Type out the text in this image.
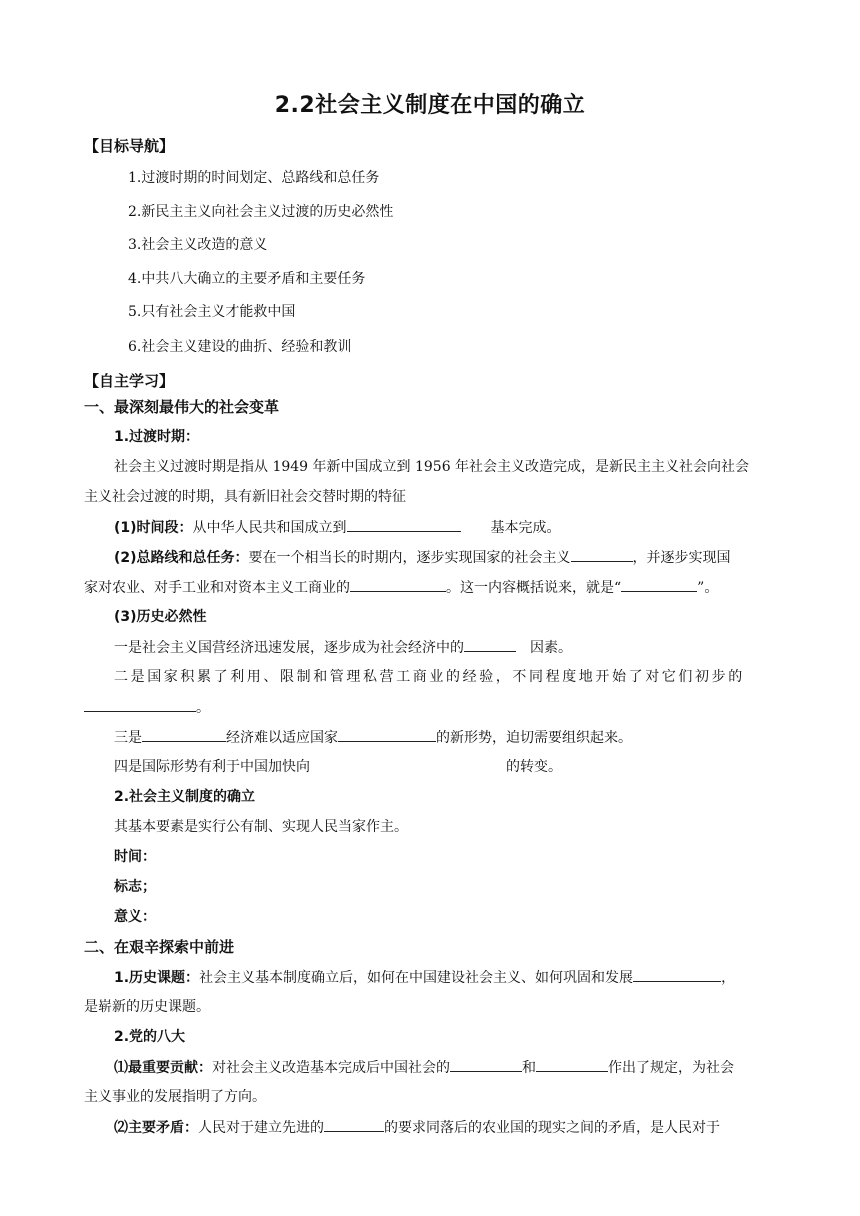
2.2社会主义制度在中国的确立
【目标导航】
1.过渡时期的时间划定、总路线和总任务
2.新民主主义向社会主义过渡的历史必然性
3.社会主义改造的意义
4.中共八大确立的主要矛盾和主要任务
5.只有社会主义才能救中国
6.社会主义建设的曲折、经验和教训
【自主学习】
一、最深刻最伟大的社会变革
1.过渡时期：
社会主义过渡时期是指从 1949 年新中国成立到 1956 年社会主义改造完成，是新民主主义社会向社会
主义社会过渡的时期，具有新旧社会交替时期的特征
(1)时间段：从中华人民共和国成立到	基本完成。
(2)总路线和总任务：要在一个相当长的时期内，逐步实现国家的社会主义	，并逐步实现国
家对农业、对手工业和对资本主义工商业的	。这一内容概括说来，就是“	”。
(3)历史必然性
一是社会主义国营经济迅速发展，逐步成为社会经济中的	因素。
二是国家积累了利用、限制和管理私营工商业的经验，不同程度地开始了对它们初步的
。
三是	经济难以适应国家	的新形势，迫切需要组织起来。
四是国际形势有利于中国加快向	的转变。
2.社会主义制度的确立
其基本要素是实行公有制、实现人民当家作主。
时间：
标志；
意义：
二、在艰辛探索中前进
1.历史课题：社会主义基本制度确立后，如何在中国建设社会主义、如何巩固和发展	，
是崭新的历史课题。
2.党的八大
⑴最重要贡献：对社会主义改造基本完成后中国社会的	和	作出了规定，为社会
主义事业的发展指明了方向。
⑵主要矛盾：人民对于建立先进的	的要求同落后的农业国的现实之间的矛盾，是人民对于
